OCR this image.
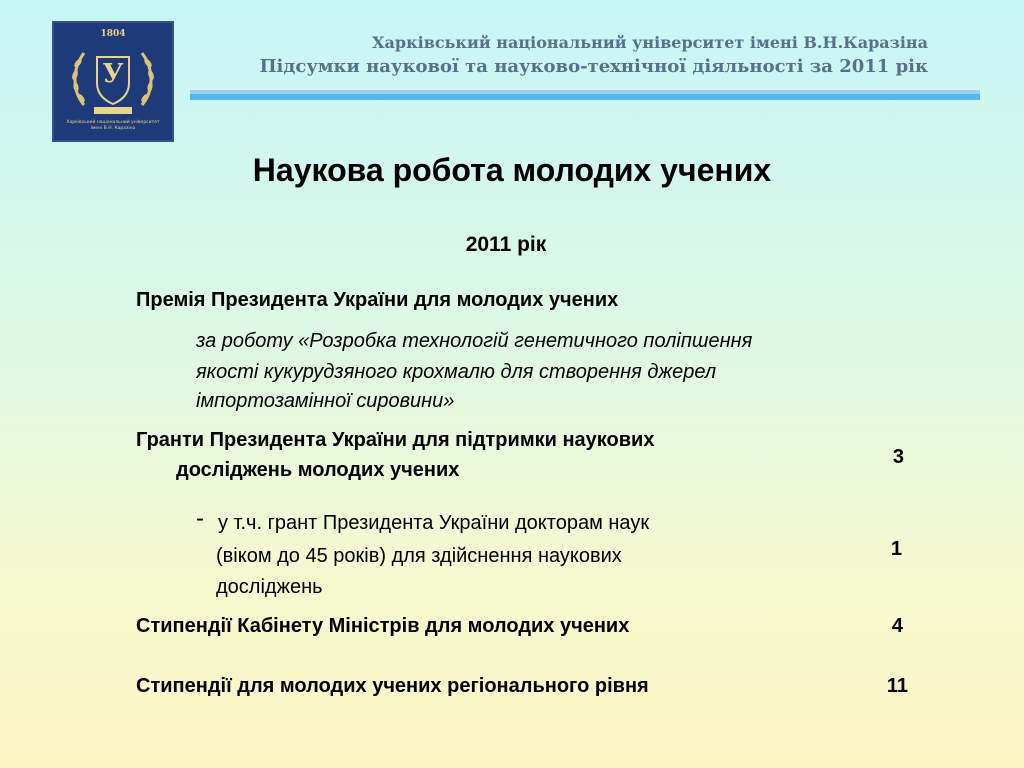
1804
У
Харківський національний університет
імені В.Н. Каразіна
Харківський національний університет імені В.Н.Каразіна
Підсумки наукової та науково-технічної діяльності за 2011 рік
Наукова робота молодих учених
2011 рік
Премія Президента України для молодих учених
за роботу «Розробка технологій генетичного поліпшення
якості кукурудзяного крохмалю для створення джерел
імпортозамінної сировини»
Гранти Президента України для підтримки наукових
досліджень молодих учених
3
- у т.ч. грант Президента України докторам наук
(віком до 45 років) для здійснення наукових
досліджень
1
Стипендії Кабінету Міністрів для молодих учених	4
Стипендії для молодих учених регіонального рівня	11
